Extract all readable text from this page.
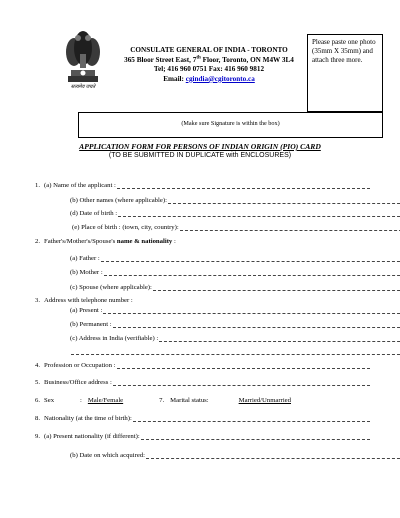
सत्यमेव जयते
CONSULATE GENERAL OF INDIA - TORONTO
365 Bloor Street East, 7th Floor, Toronto, ON M4W 3L4
Tel; 416 960 0751 Fax: 416 960 9812
Email: cgindia@cgitoronto.ca
Please paste one photo (35mm X 35mm) and attach three more.
(Make sure Signature is within the box)
APPLICATION FORM FOR PERSONS OF INDIAN ORIGIN (PIO) CARD
(TO BE SUBMITTED IN DUPLICATE with ENCLOSURES)
1. (a) Name of the applicant :
(b) Other names (where applicable):
(d) Date of birth :
(e) Place of birth : (town, city, country):
2. Father's/Mother's/Spouse's name & nationality :
(a) Father :
(b) Mother :
(c) Spouse (where applicable):
3. Address with telephone number :
(a) Present :
(b) Permanent :
(c) Address in India (verifiable) :
4. Profession or Occupation :
5. Business/Office address :
6. Sex	: Male/Female	7. Marital status:	Married/Unmarried
8. Nationality (at the time of birth):
9. (a) Present nationality (if different):
(b) Date on which acquired:
